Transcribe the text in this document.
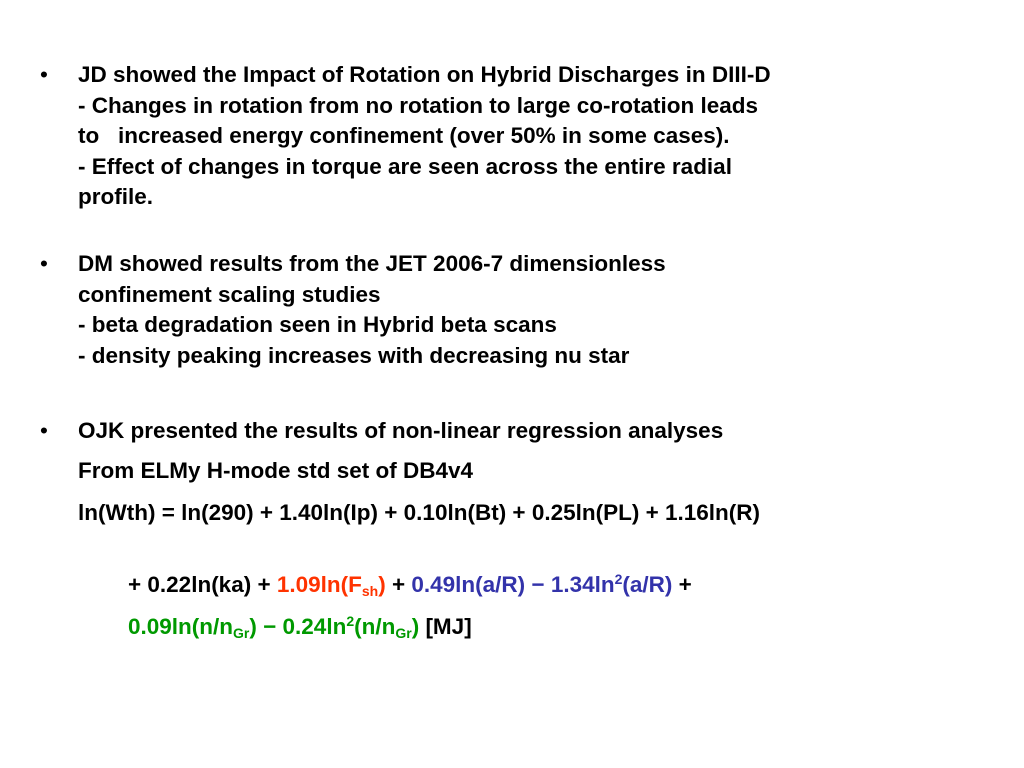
•	JD showed the Impact of Rotation on Hybrid Discharges in DIII-D
- Changes in rotation from no rotation to large co-rotation leads
to   increased energy confinement (over 50% in some cases).
- Effect of changes in torque are seen across the entire radial
profile.
•	DM showed results from the JET 2006-7 dimensionless
confinement scaling studies
- beta degradation seen in Hybrid beta scans
- density peaking increases with decreasing nu star
•	OJK presented the results of non-linear regression analyses
From ELMy H-mode std set of DB4v4
ln(Wth) = ln(290) + 1.40ln(Ip) + 0.10ln(Bt) + 0.25ln(PL) + 1.16ln(R)

+ $0.22\ln(ka) + 1.09\ln(F_{sh}) + 0.49\ln(a/R) - 1.34\ln^2(a/R)$ +

$0.09\ln(n/n_{Gr}) - 0.24\ln^2(n/n_{Gr})$ [MJ]
